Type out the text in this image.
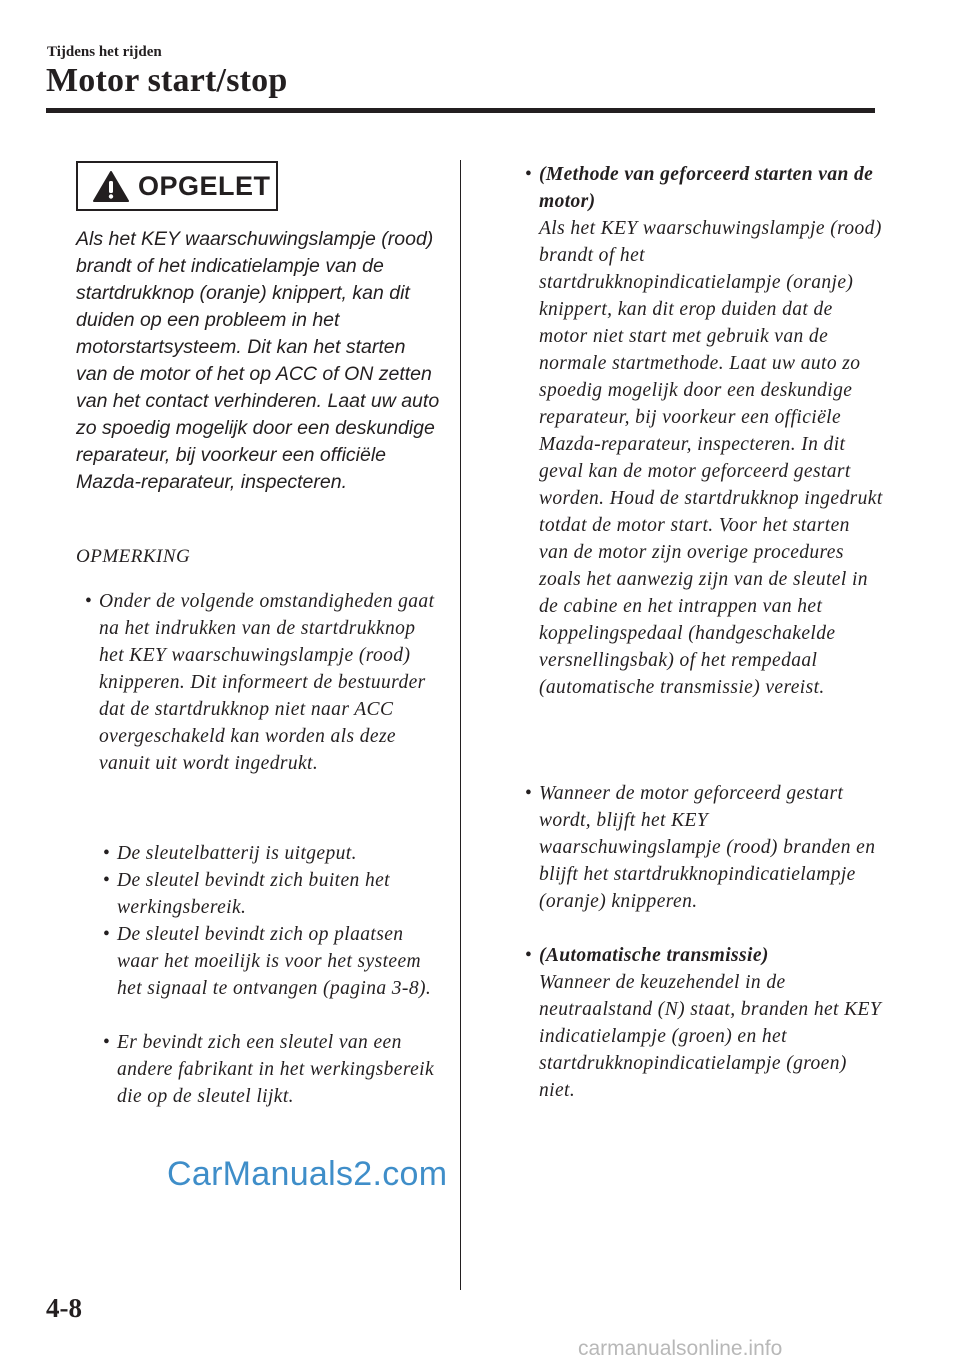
Tijdens het rijden
Motor start/stop
OPGELET
Als het KEY waarschuwingslampje (rood) brandt of het indicatielampje van de startdrukknop (oranje) knippert, kan dit duiden op een probleem in het motorstartsysteem. Dit kan het starten van de motor of het op ACC of ON zetten van het contact verhinderen. Laat uw auto zo spoedig mogelijk door een deskundige reparateur, bij voorkeur een officiële Mazda-reparateur, inspecteren.
OPMERKING
• Onder de volgende omstandigheden gaat na het indrukken van de startdrukknop het KEY waarschuwingslampje (rood) knipperen. Dit informeert de bestuurder dat de startdrukknop niet naar ACC overgeschakeld kan worden als deze vanuit uit wordt ingedrukt.
• De sleutelbatterij is uitgeput.
• De sleutel bevindt zich buiten het werkingsbereik.
• De sleutel bevindt zich op plaatsen waar het moeilijk is voor het systeem het signaal te ontvangen (pagina 3-8).
• Er bevindt zich een sleutel van een andere fabrikant in het werkingsbereik die op de sleutel lijkt.
• (Methode van geforceerd starten van de motor)
Als het KEY waarschuwingslampje (rood) brandt of het startdrukknopindicatielampje (oranje) knippert, kan dit erop duiden dat de motor niet start met gebruik van de normale startmethode. Laat uw auto zo spoedig mogelijk door een deskundige reparateur, bij voorkeur een officiële Mazda-reparateur, inspecteren. In dit geval kan de motor geforceerd gestart worden. Houd de startdrukknop ingedrukt totdat de motor start. Voor het starten van de motor zijn overige procedures zoals het aanwezig zijn van de sleutel in de cabine en het intrappen van het koppelingspedaal (handgeschakelde versnellingsbak) of het rempedaal (automatische transmissie) vereist.
• Wanneer de motor geforceerd gestart wordt, blijft het KEY waarschuwingslampje (rood) branden en blijft het startdrukknopindicatielampje (oranje) knipperen.
• (Automatische transmissie)
Wanneer de keuzehendel in de neutraalstand (N) staat, branden het KEY indicatielampje (groen) en het startdrukknopindicatielampje (groen) niet.
CarManuals2.com
4-8
carmanualsonline.info
